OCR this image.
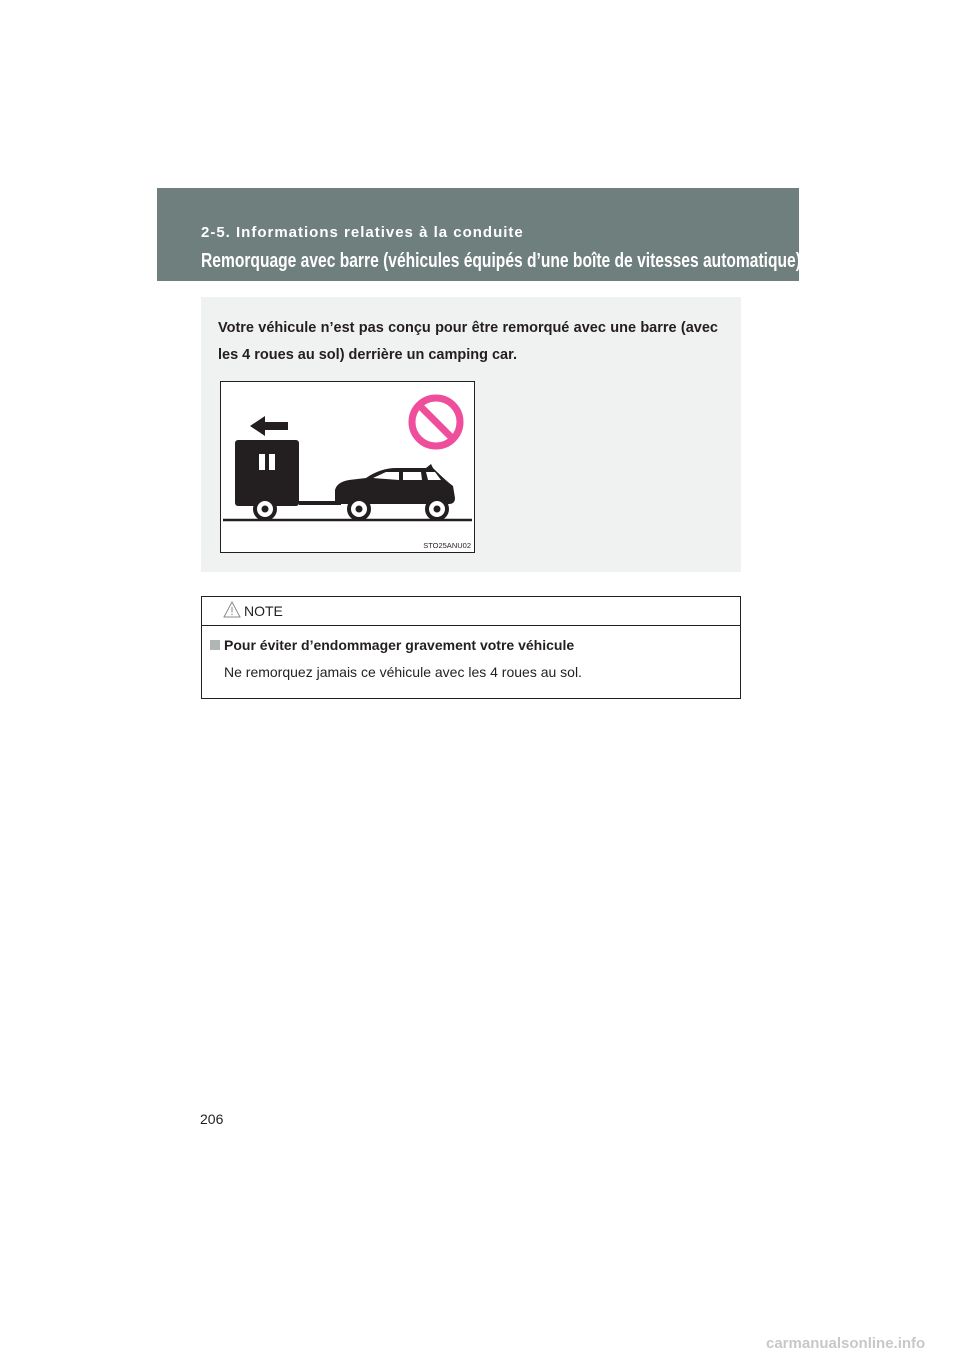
2-5. Informations relatives à la conduite
Remorquage avec barre (véhicules équipés d’une boîte de vitesses automatique)
Votre véhicule n’est pas conçu pour être remorqué avec une barre (avec les 4 roues au sol) derrière un camping car.
STO25ANU02
NOTE
Pour éviter d’endommager gravement votre véhicule
Ne remorquez jamais ce véhicule avec les 4 roues au sol.
206
carmanualsonline.info
